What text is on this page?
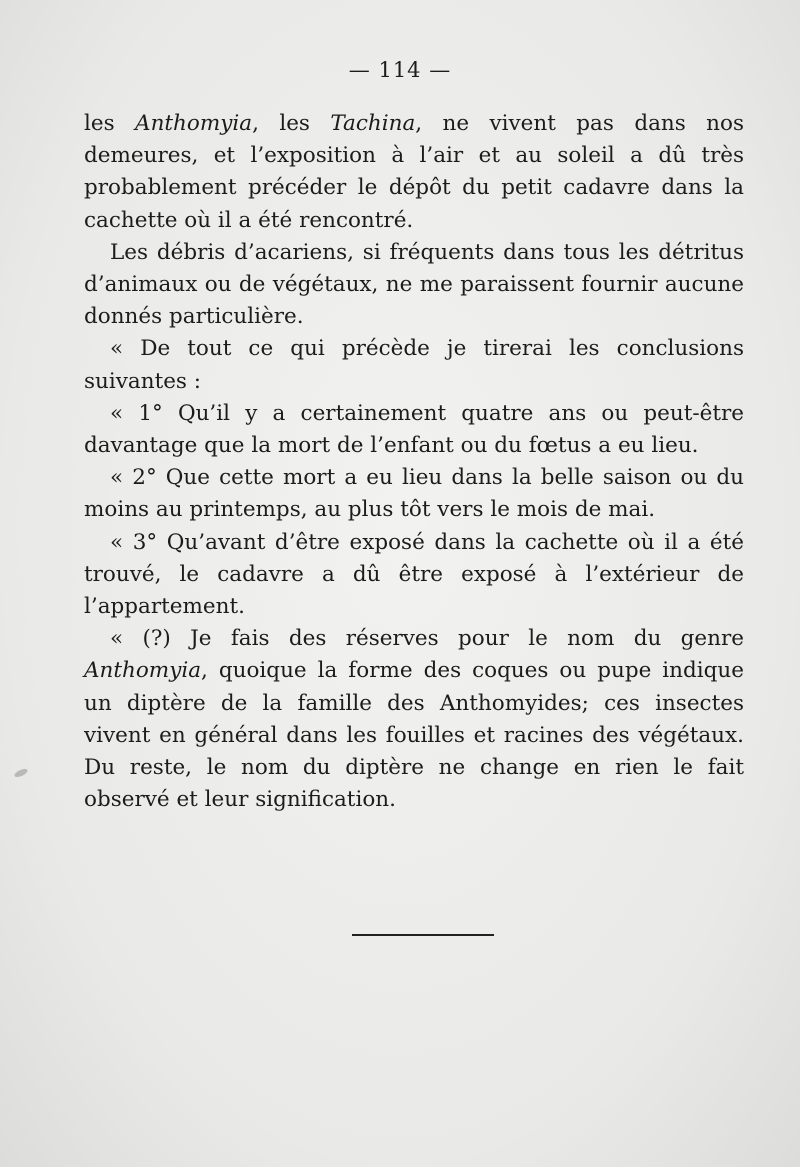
— 114 —

les Anthomyia, les Tachina, ne vivent pas dans nos demeures, et l’exposition à l’air et au soleil a dû très probablement précéder le dépôt du petit cadavre dans la cachette où il a été rencontré.

Les débris d’acariens, si fréquents dans tous les détritus d’animaux ou de végétaux, ne me paraissent fournir aucune donnés particulière.

« De tout ce qui précède je tirerai les conclusions suivantes :

« 1° Qu’il y a certainement quatre ans ou peut-être davantage que la mort de l’enfant ou du fœtus a eu lieu.

« 2° Que cette mort a eu lieu dans la belle saison ou du moins au printemps, au plus tôt vers le mois de mai.

« 3° Qu’avant d’être exposé dans la cachette où il a été trouvé, le cadavre a dû être exposé à l’extérieur de l’appartement.

« (?) Je fais des réserves pour le nom du genre Anthomyia, quoique la forme des coques ou pupe indique un diptère de la famille des Anthomyides; ces insectes vivent en général dans les fouilles et racines des végétaux. Du reste, le nom du diptère ne change en rien le fait observé et leur signification.
